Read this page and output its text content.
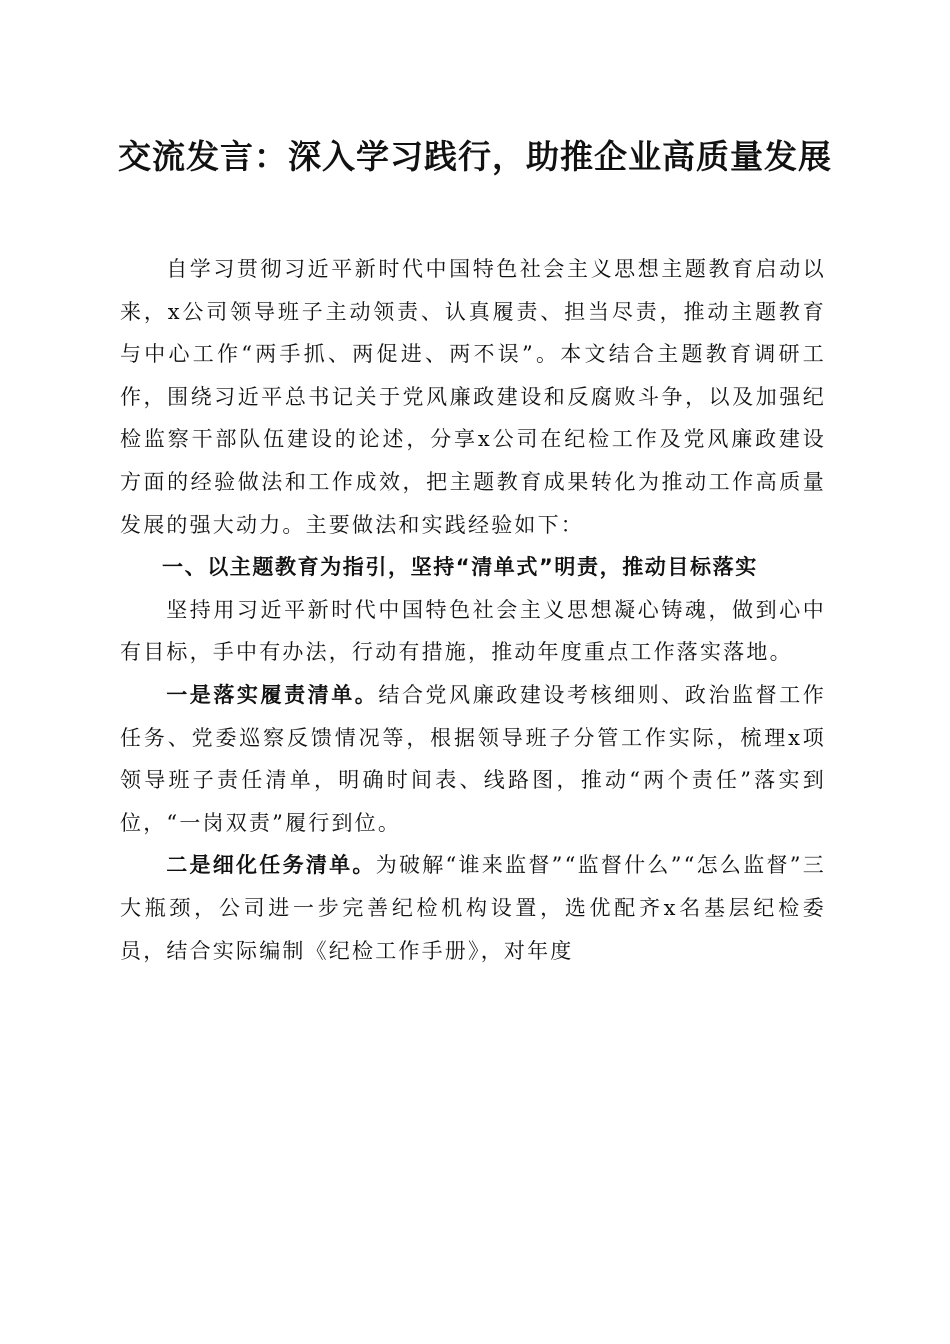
交流发言：深入学习践行，助推企业高质量发展

自学习贯彻习近平新时代中国特色社会主义思想主题教育启动以来，x公司领导班子主动领责、认真履责、担当尽责，推动主题教育与中心工作“两手抓、两促进、两不误”。本文结合主题教育调研工作，围绕习近平总书记关于党风廉政建设和反腐败斗争，以及加强纪检监察干部队伍建设的论述，分享x公司在纪检工作及党风廉政建设方面的经验做法和工作成效，把主题教育成果转化为推动工作高质量发展的强大动力。主要做法和实践经验如下：

一、以主题教育为指引，坚持“清单式”明责，推动目标落实

坚持用习近平新时代中国特色社会主义思想凝心铸魂，做到心中有目标，手中有办法，行动有措施，推动年度重点工作落实落地。

一是落实履责清单。结合党风廉政建设考核细则、政治监督工作任务、党委巡察反馈情况等，根据领导班子分管工作实际，梳理x项领导班子责任清单，明确时间表、线路图，推动“两个责任”落实到位，“一岗双责”履行到位。

二是细化任务清单。为破解“谁来监督”“监督什么”“怎么监督”三大瓶颈，公司进一步完善纪检机构设置，选优配齐x名基层纪检委员，结合实际编制《纪检工作手册》，对年度
